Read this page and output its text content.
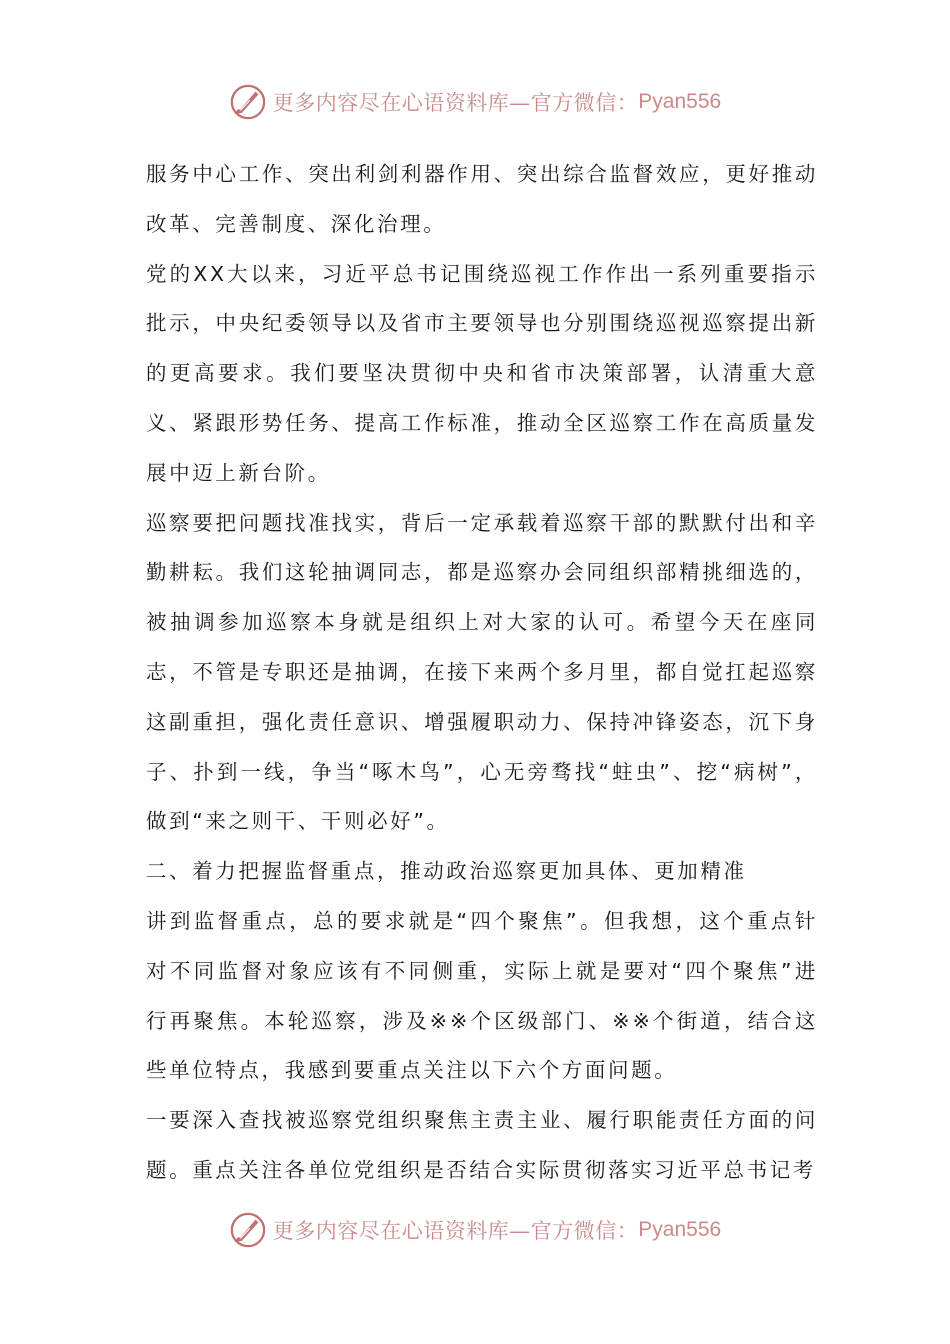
更多内容尽在心语资料库—官方微信： Pyan556

服务中心工作、突出利剑利器作用、突出综合监督效应，更好推动改革、完善制度、深化治理。

党的XX大以来，习近平总书记围绕巡视工作作出一系列重要指示批示，中央纪委领导以及省市主要领导也分别围绕巡视巡察提出新的更高要求。我们要坚决贯彻中央和省市决策部署，认清重大意义、紧跟形势任务、提高工作标准，推动全区巡察工作在高质量发展中迈上新台阶。

巡察要把问题找准找实，背后一定承载着巡察干部的默默付出和辛勤耕耘。我们这轮抽调同志，都是巡察办会同组织部精挑细选的，被抽调参加巡察本身就是组织上对大家的认可。希望今天在座同志，不管是专职还是抽调，在接下来两个多月里，都自觉扛起巡察这副重担，强化责任意识、增强履职动力、保持冲锋姿态，沉下身子、扑到一线，争当“啄木鸟”，心无旁骛找“蛀虫”、挖“病树”，做到“来之则干、干则必好”。

二、着力把握监督重点，推动政治巡察更加具体、更加精准

讲到监督重点，总的要求就是“四个聚焦”。但我想，这个重点针对不同监督对象应该有不同侧重，实际上就是要对“四个聚焦”进行再聚焦。本轮巡察，涉及※※个区级部门、※※个街道，结合这些单位特点，我感到要重点关注以下六个方面问题。

一要深入查找被巡察党组织聚焦主责主业、履行职能责任方面的问题。重点关注各单位党组织是否结合实际贯彻落实习近平总书记考

更多内容尽在心语资料库—官方微信： Pyan556
